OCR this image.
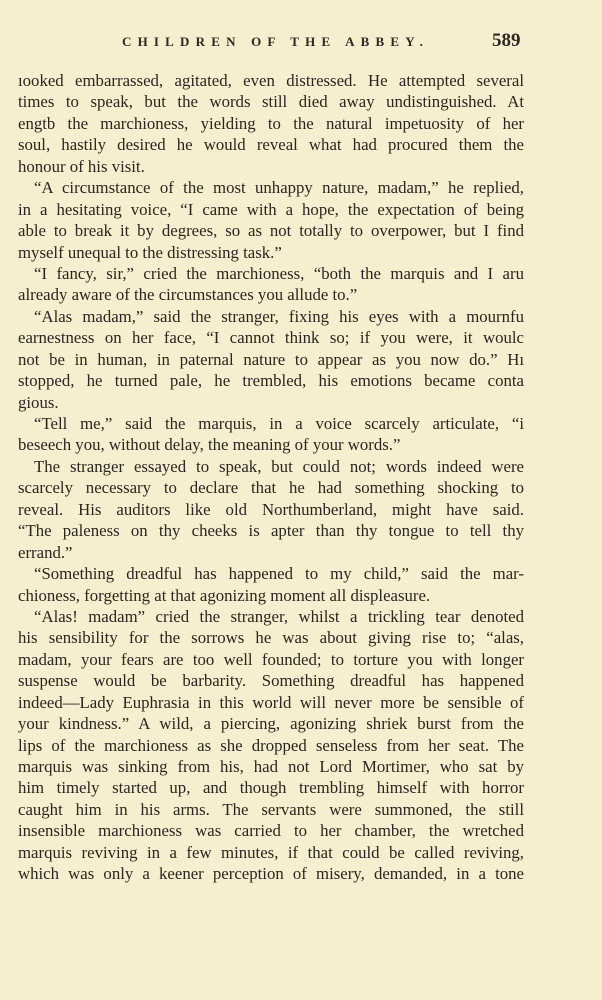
CHILDREN OF THE ABBEY.	589
ıooked embarrassed, agitated, even distressed. He attempted several
times to speak, but the words still died away undistinguished. At
engtb the marchioness, yielding to the natural impetuosity of her
soul, hastily desired he would reveal what had procured them the
honour of his visit.
“A circumstance of the most unhappy nature, madam,” he replied,
in a hesitating voice, “I came with a hope, the expectation of being
able to break it by degrees, so as not totally to overpower, but I find
myself unequal to the distressing task.”
“I fancy, sir,” cried the marchioness, “both the marquis and I aru
already aware of the circumstances you allude to.”
“Alas madam,” said the stranger, fixing his eyes with a mournfu
earnestness on her face, “I cannot think so; if you were, it woulc
not be in human, in paternal nature to appear as you now do.” Hı
stopped, he turned pale, he trembled, his emotions became conta
gious.
“Tell me,” said the marquis, in a voice scarcely articulate, “i
beseech you, without delay, the meaning of your words.”
The stranger essayed to speak, but could not; words indeed were
scarcely necessary to declare that he had something shocking to
reveal. His auditors like old Northumberland, might have said.
“The paleness on thy cheeks is apter than thy tongue to tell thy
errand.”
“Something dreadful has happened to my child,” said the mar-
chioness, forgetting at that agonizing moment all displeasure.
“Alas! madam” cried the stranger, whilst a trickling tear denoted
his sensibility for the sorrows he was about giving rise to; “alas,
madam, your fears are too well founded; to torture you with longer
suspense would be barbarity. Something dreadful has happened
indeed—Lady Euphrasia in this world will never more be sensible of
your kindness.” A wild, a piercing, agonizing shriek burst from the
lips of the marchioness as she dropped senseless from her seat. The
marquis was sinking from his, had not Lord Mortimer, who sat by
him timely started up, and though trembling himself with horror
caught him in his arms. The servants were summoned, the still
insensible marchioness was carried to her chamber, the wretched
marquis reviving in a few minutes, if that could be called reviving,
which was only a keener perception of misery, demanded, in a tone
